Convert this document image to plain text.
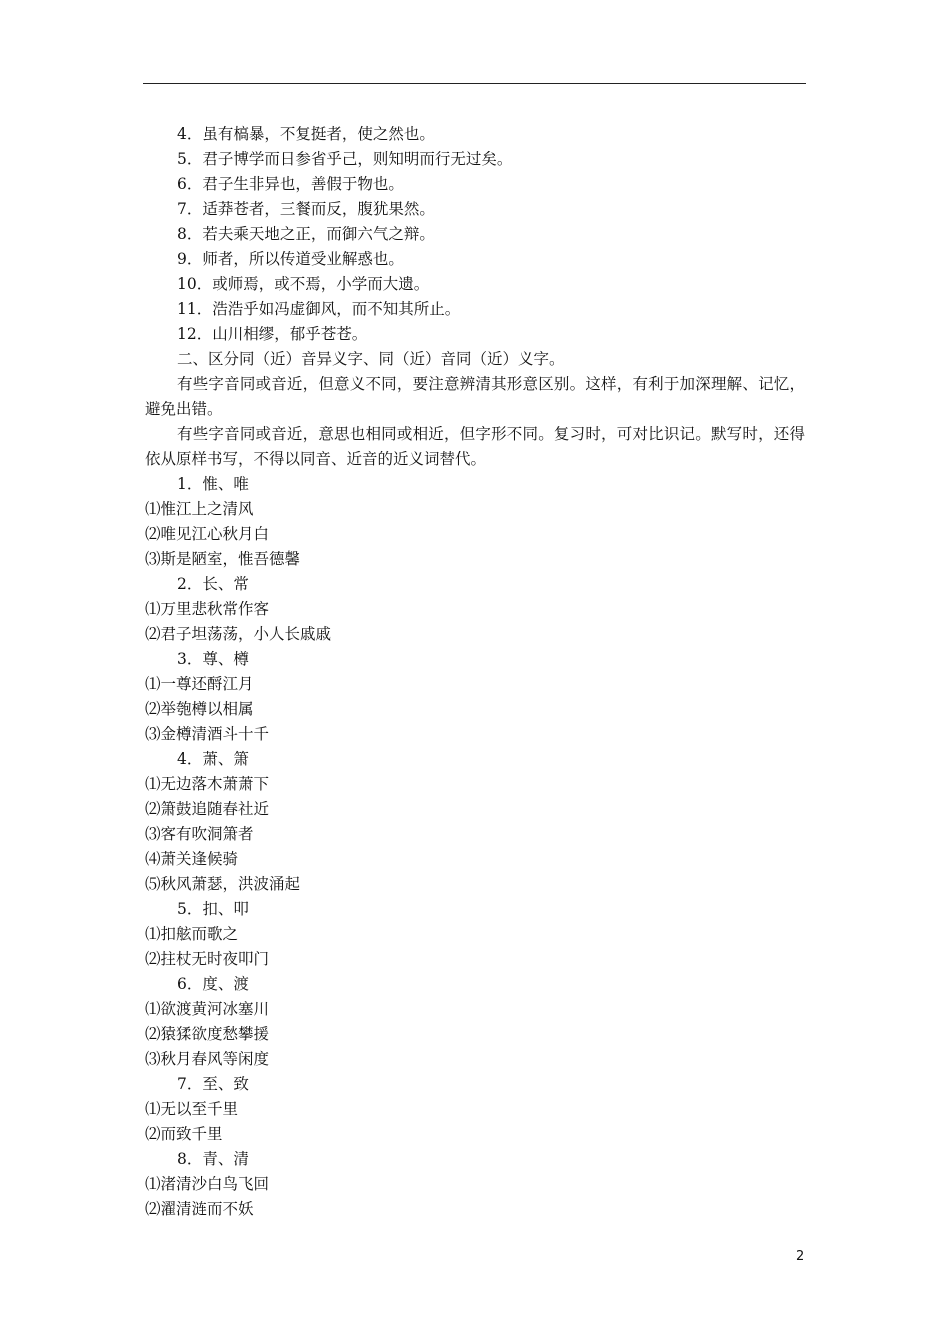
4．虽有槁暴，不复挺者，使之然也。
5．君子博学而日参省乎己，则知明而行无过矣。
6．君子生非异也，善假于物也。
7．适莽苍者，三餐而反，腹犹果然。
8．若夫乘天地之正，而御六气之辩。
9．师者，所以传道受业解惑也。
10．或师焉，或不焉，小学而大遗。
11．浩浩乎如冯虚御风，而不知其所止。
12．山川相缪，郁乎苍苍。
二、区分同（近）音异义字、同（近）音同（近）义字。
有些字音同或音近，但意义不同，要注意辨清其形意区别。这样，有利于加深理解、记忆，避免出错。
有些字音同或音近，意思也相同或相近，但字形不同。复习时，可对比识记。默写时，还得依从原样书写，不得以同音、近音的近义词替代。
1．惟、唯
⑴惟江上之清风
⑵唯见江心秋月白
⑶斯是陋室，惟吾德馨
2．长、常
⑴万里悲秋常作客
⑵君子坦荡荡，小人长戚戚
3．尊、樽
⑴一尊还酹江月
⑵举匏樽以相属
⑶金樽清酒斗十千
4．萧、箫
⑴无边落木萧萧下
⑵箫鼓追随春社近
⑶客有吹洞箫者
⑷萧关逢候骑
⑸秋风萧瑟，洪波涌起
5．扣、叩
⑴扣舷而歌之
⑵拄杖无时夜叩门
6．度、渡
⑴欲渡黄河冰塞川
⑵猿猱欲度愁攀援
⑶秋月春风等闲度
7．至、致
⑴无以至千里
⑵而致千里
8．青、清
⑴渚清沙白鸟飞回
⑵濯清涟而不妖
2
